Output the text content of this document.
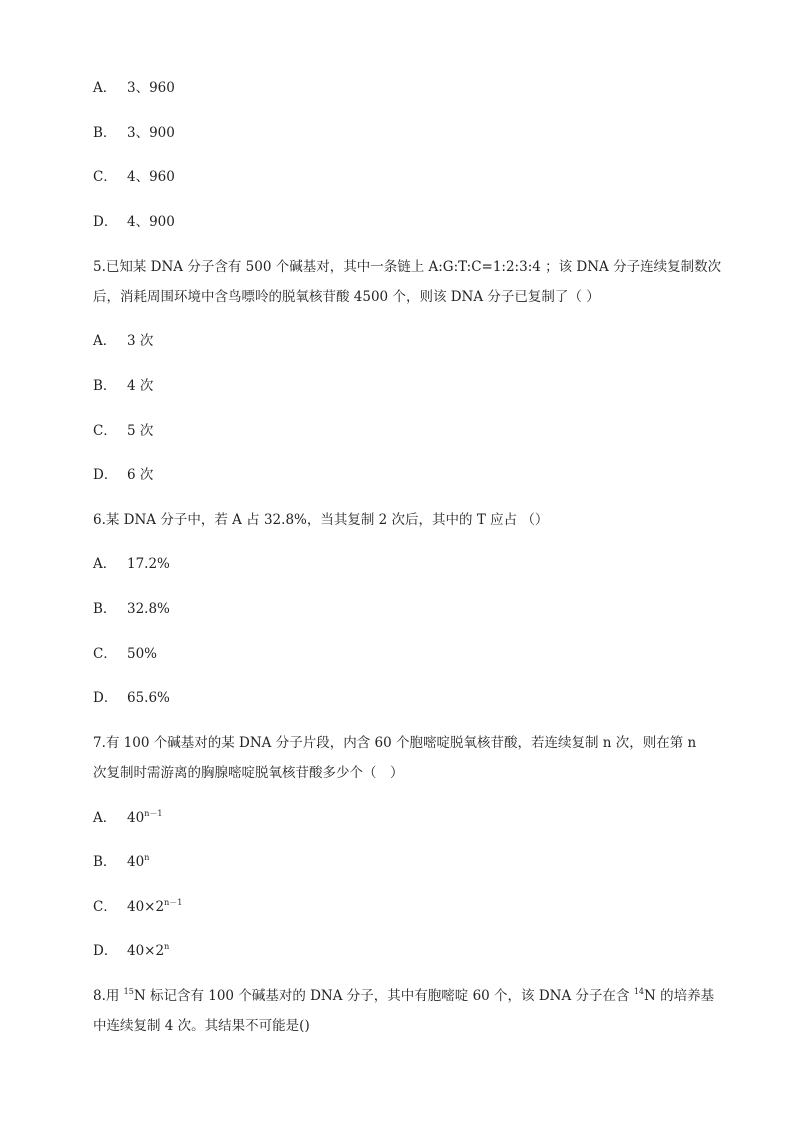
A． 3、960
B． 3、900
C． 4、960
D． 4、900
5.已知某 DNA 分子含有 500 个碱基对，其中一条链上 A:G:T:C=1:2:3:4 ；该 DNA 分子连续复制数次
后，消耗周围环境中含鸟嘌呤的脱氧核苷酸 4500 个，则该 DNA 分子已复制了（ ）
A． 3 次
B． 4 次
C． 5 次
D． 6 次
6.某 DNA 分子中，若 A 占 32.8%，当其复制 2 次后，其中的 T 应占 （）
A． 17.2%
B． 32.8%
C． 50%
D． 65.6%
7.有 100 个碱基对的某 DNA 分子片段，内含 60 个胞嘧啶脱氧核苷酸，若连续复制 n 次，则在第 n
次复制时需游离的胸腺嘧啶脱氧核苷酸多少个（　）
A． $40^{n-1}$
B． 40$^n$
C． $40\times 2^{n-1}$
D． $40\times 2^n$
8.用 $^{15}$N 标记含有 100 个碱基对的 DNA 分子，其中有胞嘧啶 60 个，该 DNA 分子在含 $^{14}$N 的培养基
中连续复制 4 次。其结果不可能是()
